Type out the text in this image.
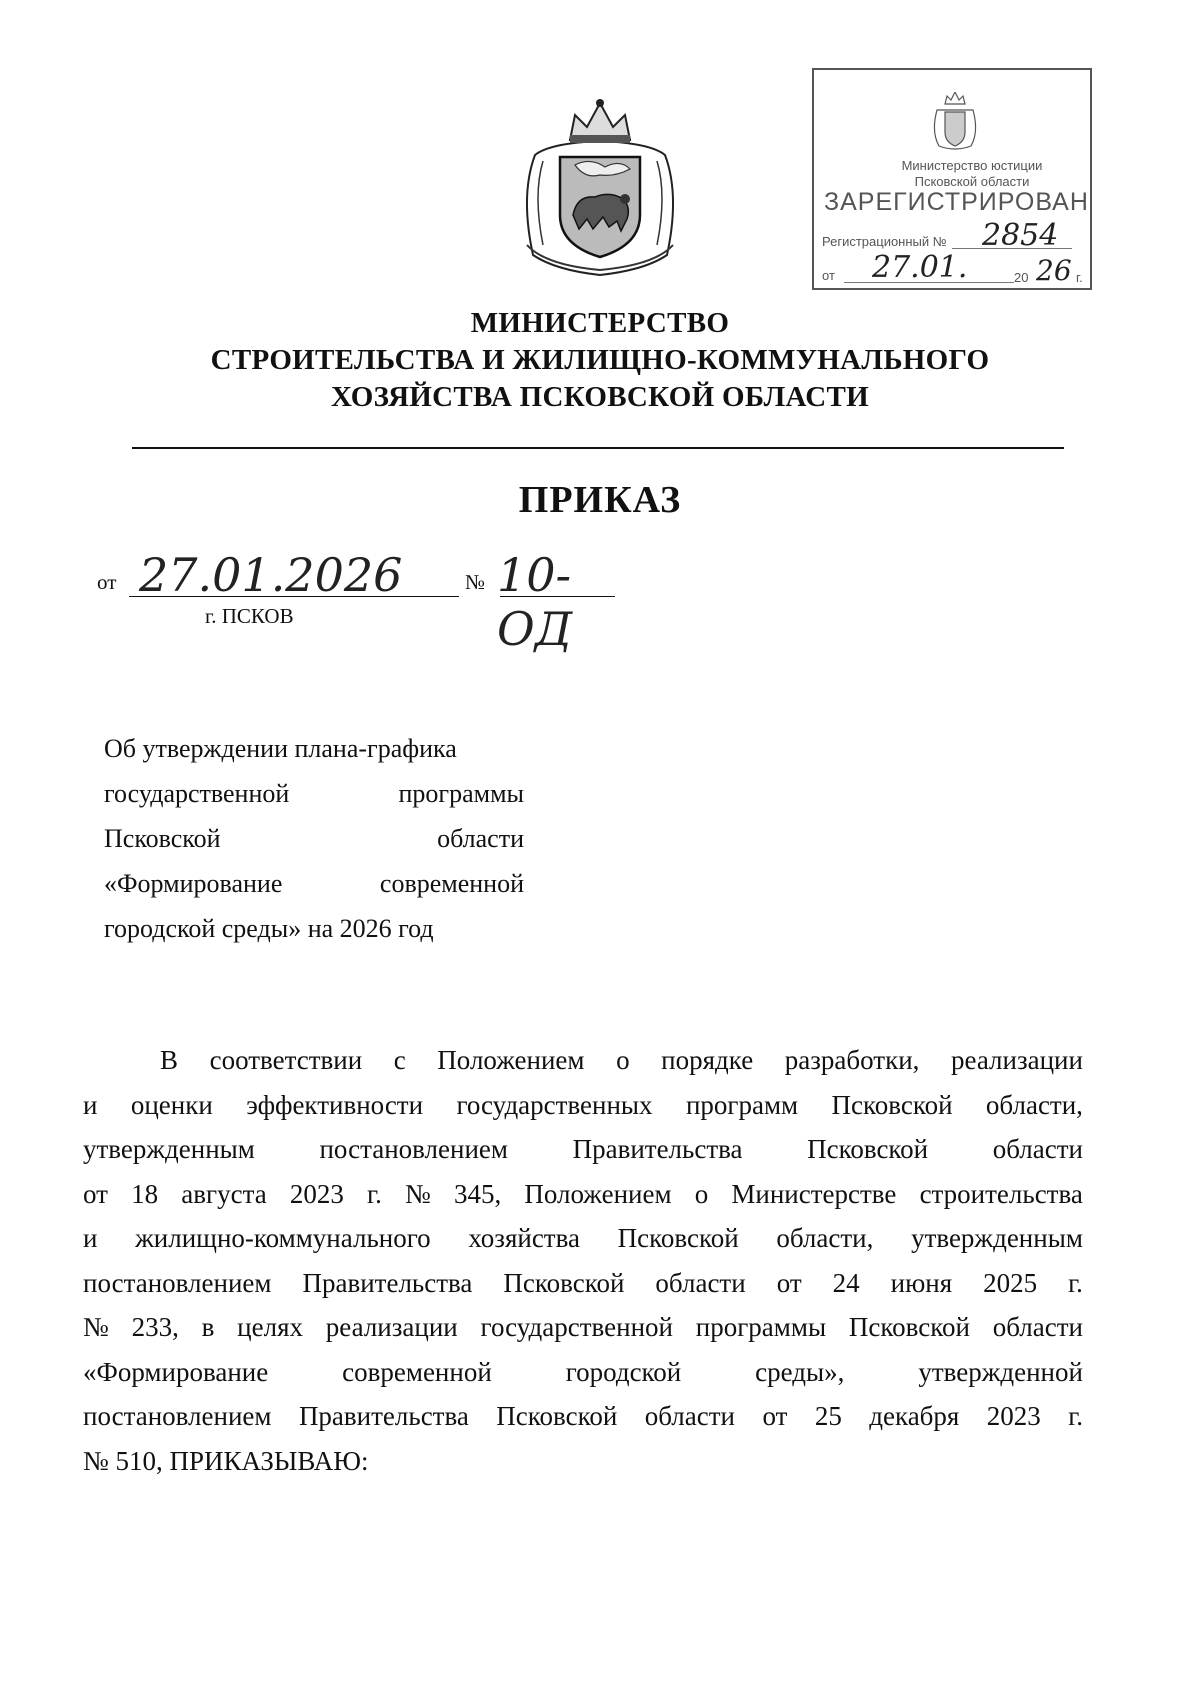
Министерство юстиции
Псковской области
ЗАРЕГИСТРИРОВАН
Регистрационный № 2854
от	27.01.	20 26 г.
МИНИСТЕРСТВО
СТРОИТЕЛЬСТВА И ЖИЛИЩНО-КОММУНАЛЬНОГО
ХОЗЯЙСТВА ПСКОВСКОЙ ОБЛАСТИ
ПРИКАЗ
от 27.01.2026	№ 10-ОД
г. ПСКОВ
Об утверждении плана-графика
государственной	программы
Псковской	области
«Формирование	современной
городской среды» на 2026 год
В соответствии с Положением о порядке разработки, реализации
и оценки эффективности государственных программ Псковской области,
утвержденным постановлением Правительства Псковской области
от 18 августа 2023 г. № 345, Положением о Министерстве строительства
и жилищно-коммунального хозяйства Псковской области, утвержденным
постановлением Правительства Псковской области от 24 июня 2025 г.
№ 233, в целях реализации государственной программы Псковской области
«Формирование	современной	городской	среды»,	утвержденной
постановлением Правительства Псковской области от 25 декабря 2023 г.
№ 510, ПРИКАЗЫВАЮ:
